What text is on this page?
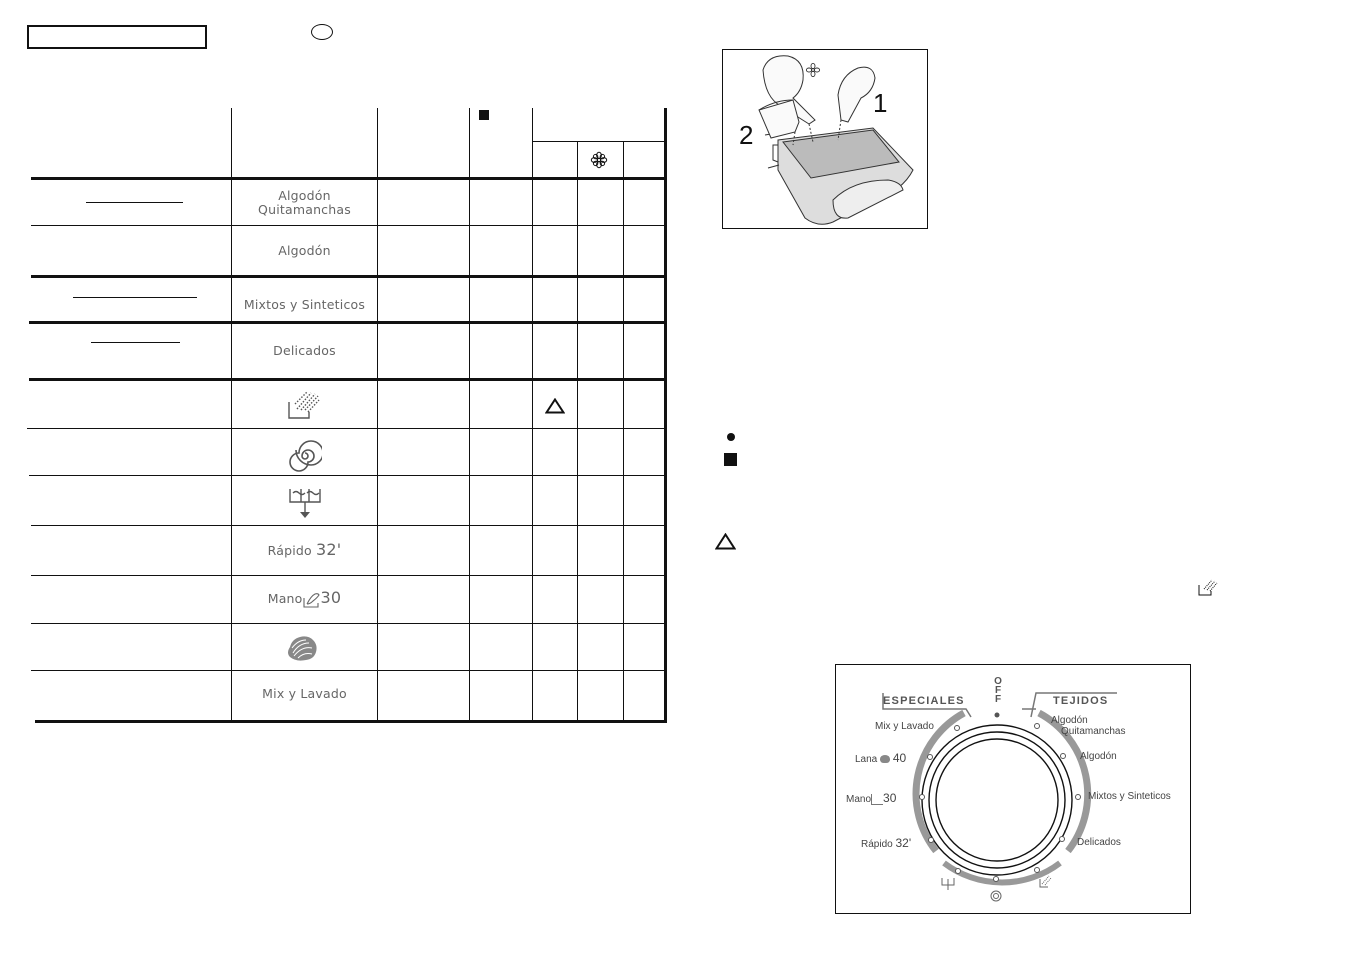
Algodón
Quitamanchas
Algodón
Mixtos y Sinteticos
Delicados
Rápido 32'
Mano 30
Mix y Lavado
1
2
OFF
ESPECIALES	TEJIDOS
Mix y Lavado
Lana 40
Mano 30
Rápido 32'
Algodón
Quitamanchas
Algodón
Mixtos y Sinteticos
Delicados
